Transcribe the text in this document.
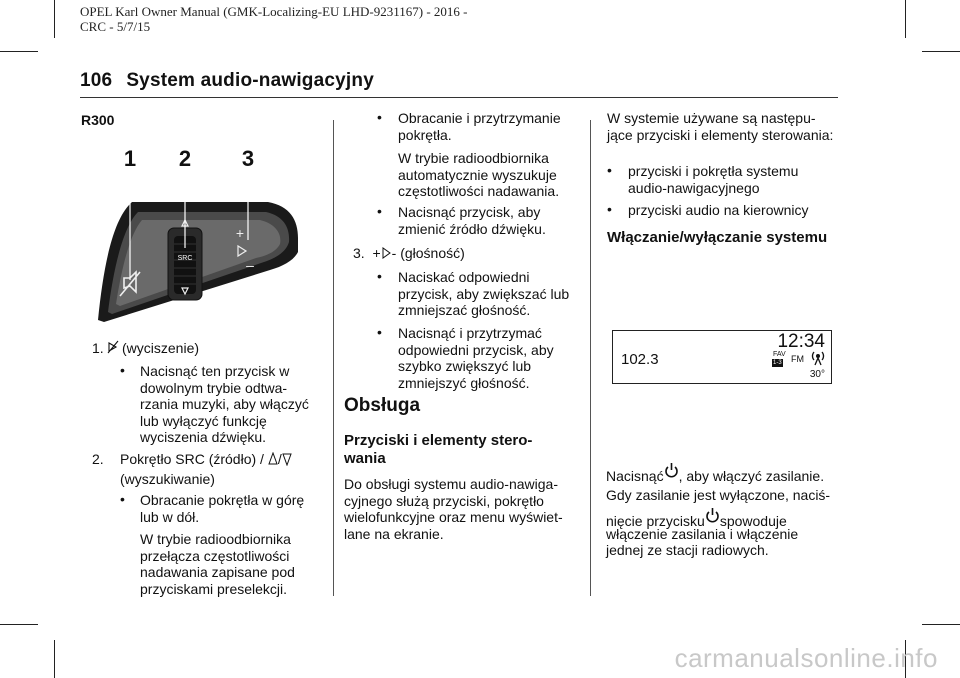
OPEL Karl Owner Manual (GMK-Localizing-EU LHD-9231167) - 2016 -
CRC - 5/7/15
106 System audio-nawigacyjny
R300
1 2 3
SRC
+
–
1. (wyciszenie)
• Nacisnąć ten przycisk w
dowolnym trybie odtwa-
rzania muzyki, aby włączyć
lub wyłączyć funkcję
wyciszenia dźwięku.
2. Pokrętło SRC (źródło) / /
(wyszukiwanie)
• Obracanie pokrętła w górę
lub w dół.
W trybie radioodbiornika
przełącza częstotliwości
nadawania zapisane pod
przyciskami preselekcji.
• Obracanie i przytrzymanie
pokrętła.
W trybie radioodbiornika
automatycznie wyszukuje
częstotliwości nadawania.
• Nacisnąć przycisk, aby
zmienić źródło dźwięku.
3. + - (głośność)
• Naciskać odpowiedni
przycisk, aby zwiększać lub
zmniejszać głośność.
• Nacisnąć i przytrzymać
odpowiedni przycisk, aby
szybko zwiększyć lub
zmniejszyć głośność.
Obsługa
Przyciski i elementy stero-
wania
Do obsługi systemu audio-nawiga-
cyjnego służą przyciski, pokrętło
wielofunkcyjne oraz menu wyświet-
lane na ekranie.
W systemie używane są następu-
jące przyciski i elementy sterowania:
• przyciski i pokrętła systemu
audio-nawigacyjnego
• przyciski audio na kierownicy
Włączanie/wyłączanie systemu
12:34
102.3	FAV
1-3 FM
30°
Nacisnąć , aby włączyć zasilanie.
Gdy zasilanie jest wyłączone, naciś-
nięcie przycisku spowoduje
włączenie zasilania i włączenie
jednej ze stacji radiowych.
carmanualsonline.info
